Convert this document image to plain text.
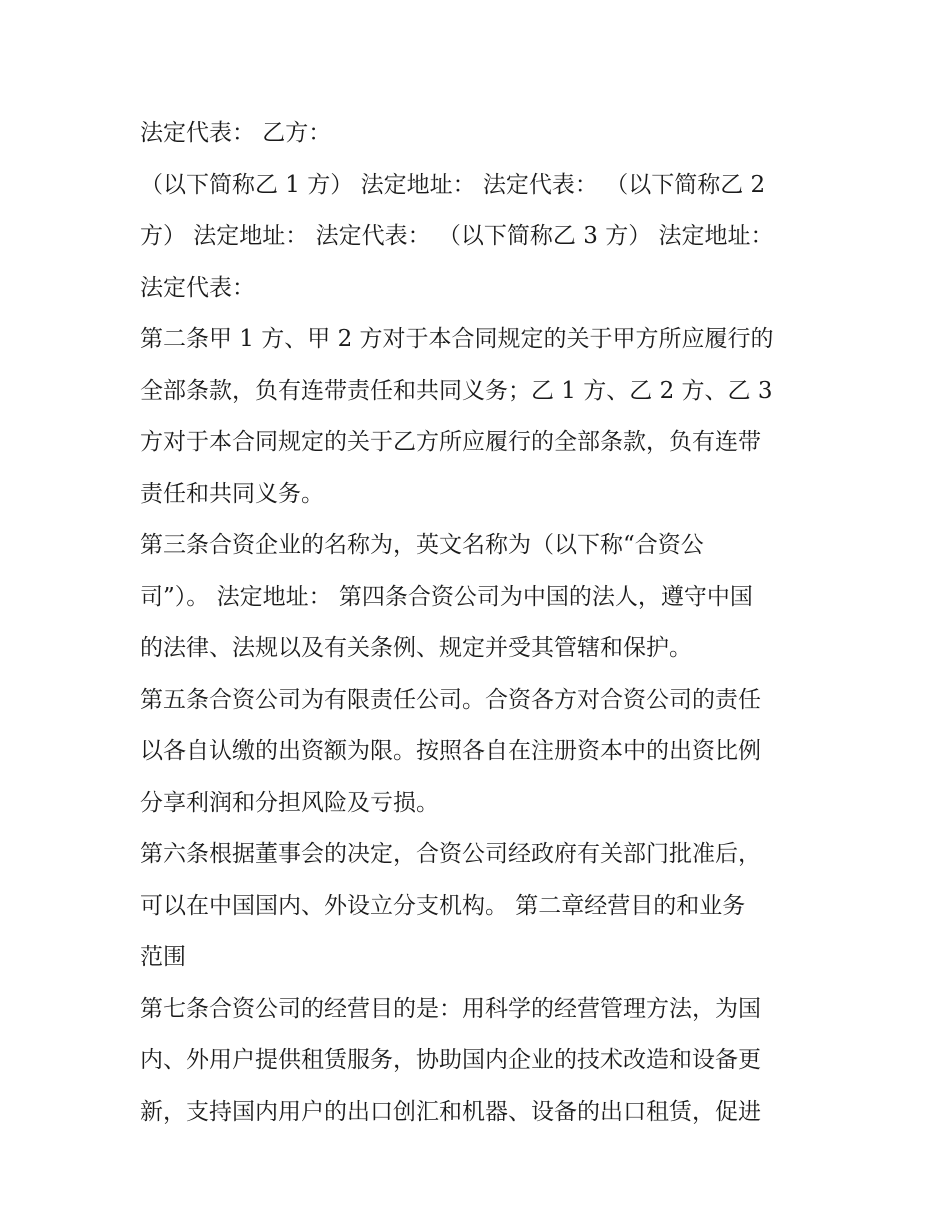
法定代表： 乙方：
（以下简称乙 1 方） 法定地址： 法定代表： （以下简称乙 2
方） 法定地址： 法定代表： （以下简称乙 3 方） 法定地址：
法定代表：
第二条甲 1 方、甲 2 方对于本合同规定的关于甲方所应履行的
全部条款，负有连带责任和共同义务；乙 1 方、乙 2 方、乙 3
方对于本合同规定的关于乙方所应履行的全部条款，负有连带
责任和共同义务。
第三条合资企业的名称为，英文名称为（以下称“合资公
司”）。 法定地址： 第四条合资公司为中国的法人，遵守中国
的法律、法规以及有关条例、规定并受其管辖和保护。
第五条合资公司为有限责任公司。合资各方对合资公司的责任
以各自认缴的出资额为限。按照各自在注册资本中的出资比例
分享利润和分担风险及亏损。
第六条根据董事会的决定，合资公司经政府有关部门批准后，
可以在中国国内、外设立分支机构。 第二章经营目的和业务
范围
第七条合资公司的经营目的是：用科学的经营管理方法，为国
内、外用户提供租赁服务，协助国内企业的技术改造和设备更
新，支持国内用户的出口创汇和机器、设备的出口租赁，促进
